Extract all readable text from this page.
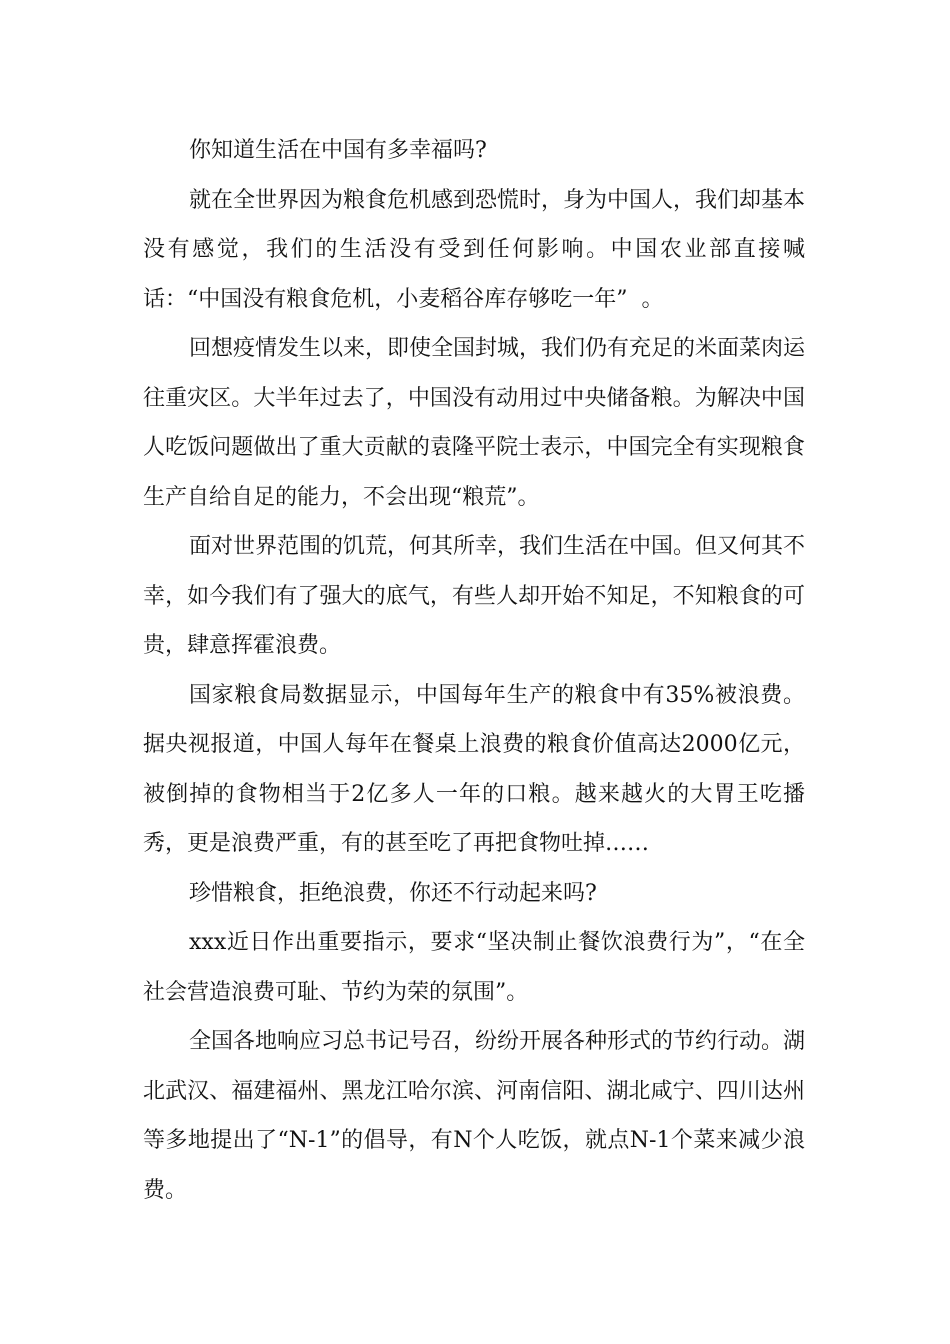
你知道生活在中国有多幸福吗?

就在全世界因为粮食危机感到恐慌时，身为中国人，我们却基本没有感觉，我们的生活没有受到任何影响。中国农业部直接喊话：“中国没有粮食危机，小麦稻谷库存够吃一年”  。

回想疫情发生以来，即使全国封城，我们仍有充足的米面菜肉运往重灾区。大半年过去了，中国没有动用过中央储备粮。为解决中国人吃饭问题做出了重大贡献的袁隆平院士表示，中国完全有实现粮食生产自给自足的能力，不会出现“粮荒”。

面对世界范围的饥荒，何其所幸，我们生活在中国。但又何其不幸，如今我们有了强大的底气，有些人却开始不知足，不知粮食的可贵，肆意挥霍浪费。

国家粮食局数据显示，中国每年生产的粮食中有35%被浪费。据央视报道，中国人每年在餐桌上浪费的粮食价值高达2000亿元，被倒掉的食物相当于2亿多人一年的口粮。越来越火的大胃王吃播秀，更是浪费严重，有的甚至吃了再把食物吐掉……

珍惜粮食，拒绝浪费，你还不行动起来吗?

xxx近日作出重要指示，要求“坚决制止餐饮浪费行为”，“在全社会营造浪费可耻、节约为荣的氛围”。

全国各地响应习总书记号召，纷纷开展各种形式的节约行动。湖北武汉、福建福州、黑龙江哈尔滨、河南信阳、湖北咸宁、四川达州等多地提出了“N-1”的倡导，有N个人吃饭，就点N-1个菜来减少浪费。
